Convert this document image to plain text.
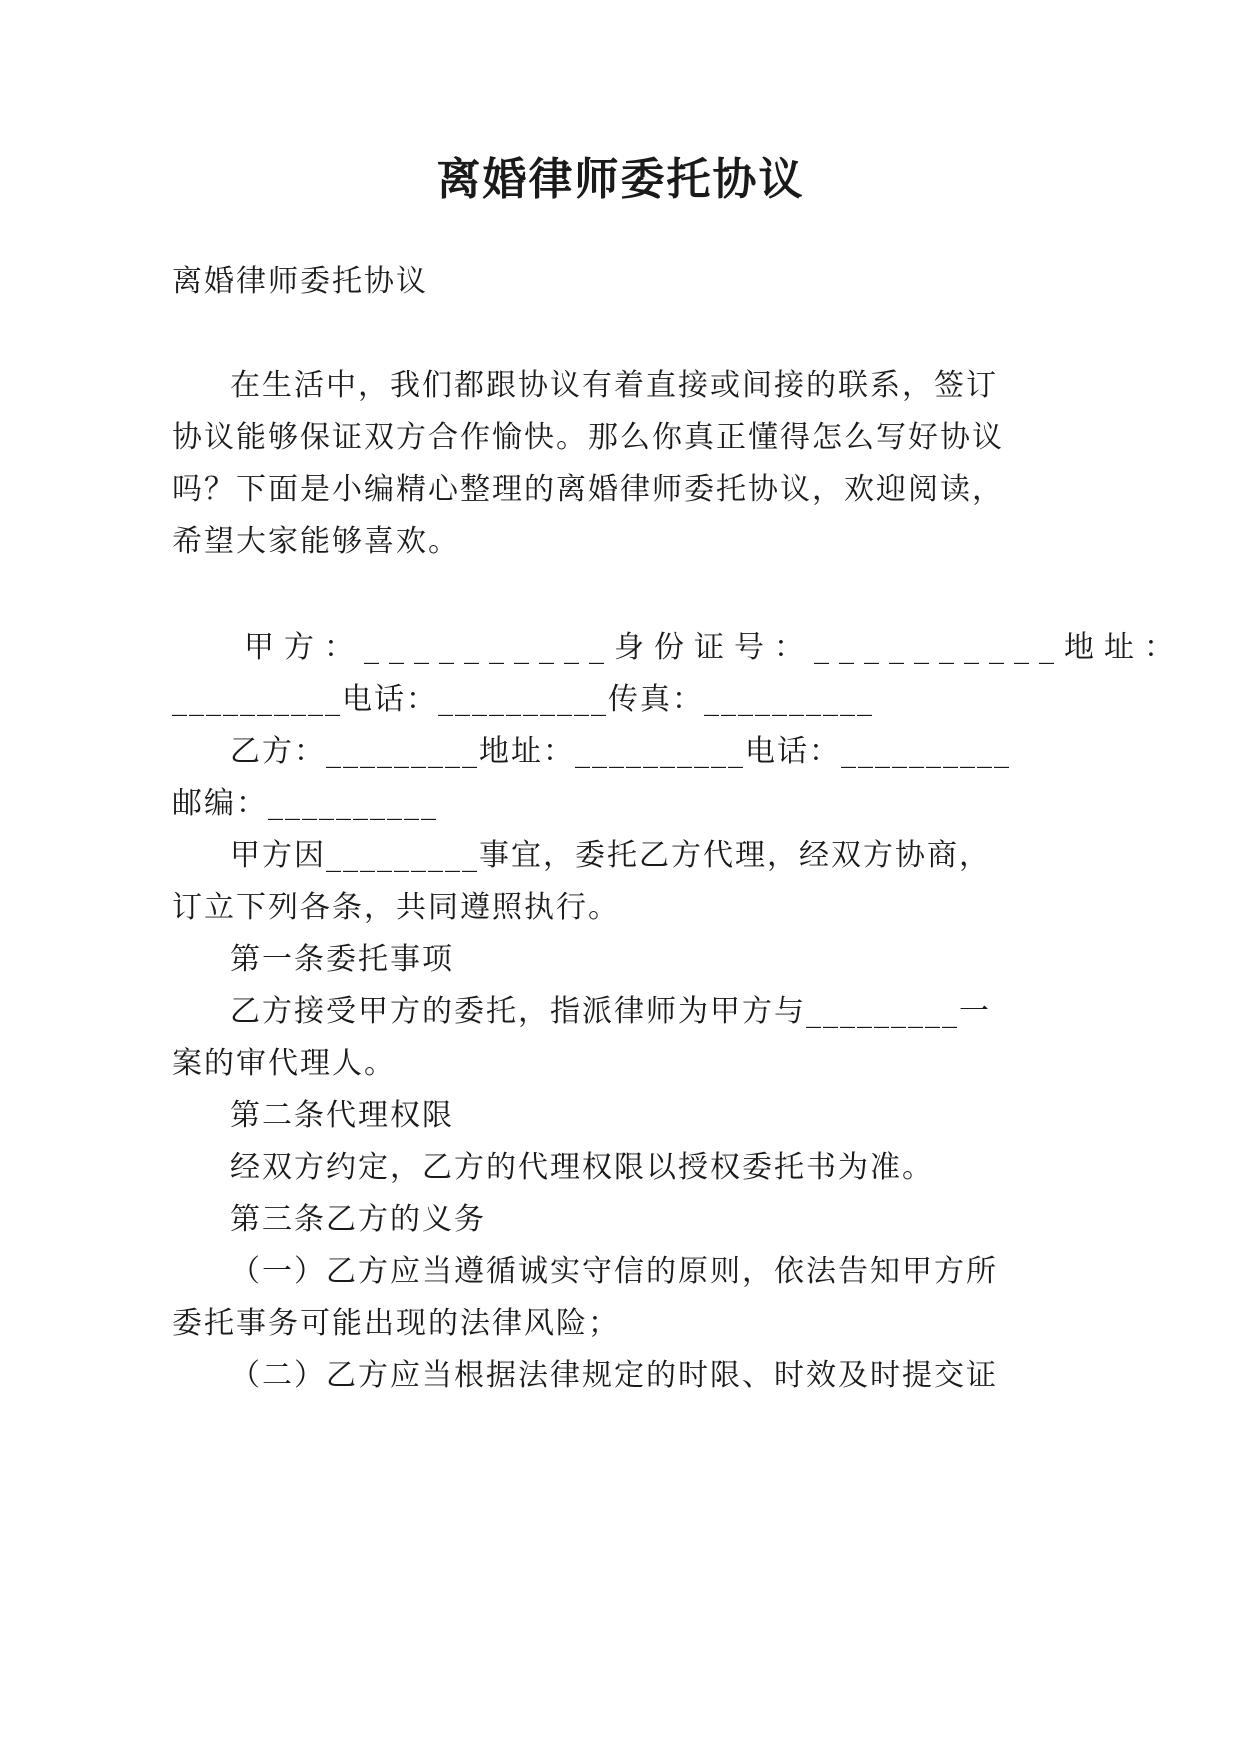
离婚律师委托协议
离婚律师委托协议
在生活中，我们都跟协议有着直接或间接的联系，签订
协议能够保证双方合作愉快。那么你真正懂得怎么写好协议
吗？下面是小编精心整理的离婚律师委托协议，欢迎阅读，
希望大家能够喜欢。
甲方：__________身份证号：__________地址：
__________电话：__________传真：__________
乙方：_________地址：__________电话：__________
邮编：__________
甲方因_________事宜，委托乙方代理，经双方协商，
订立下列各条，共同遵照执行。
第一条委托事项
乙方接受甲方的委托，指派律师为甲方与_________一
案的审代理人。
第二条代理权限
经双方约定，乙方的代理权限以授权委托书为准。
第三条乙方的义务
（一）乙方应当遵循诚实守信的原则，依法告知甲方所
委托事务可能出现的法律风险；
（二）乙方应当根据法律规定的时限、时效及时提交证
